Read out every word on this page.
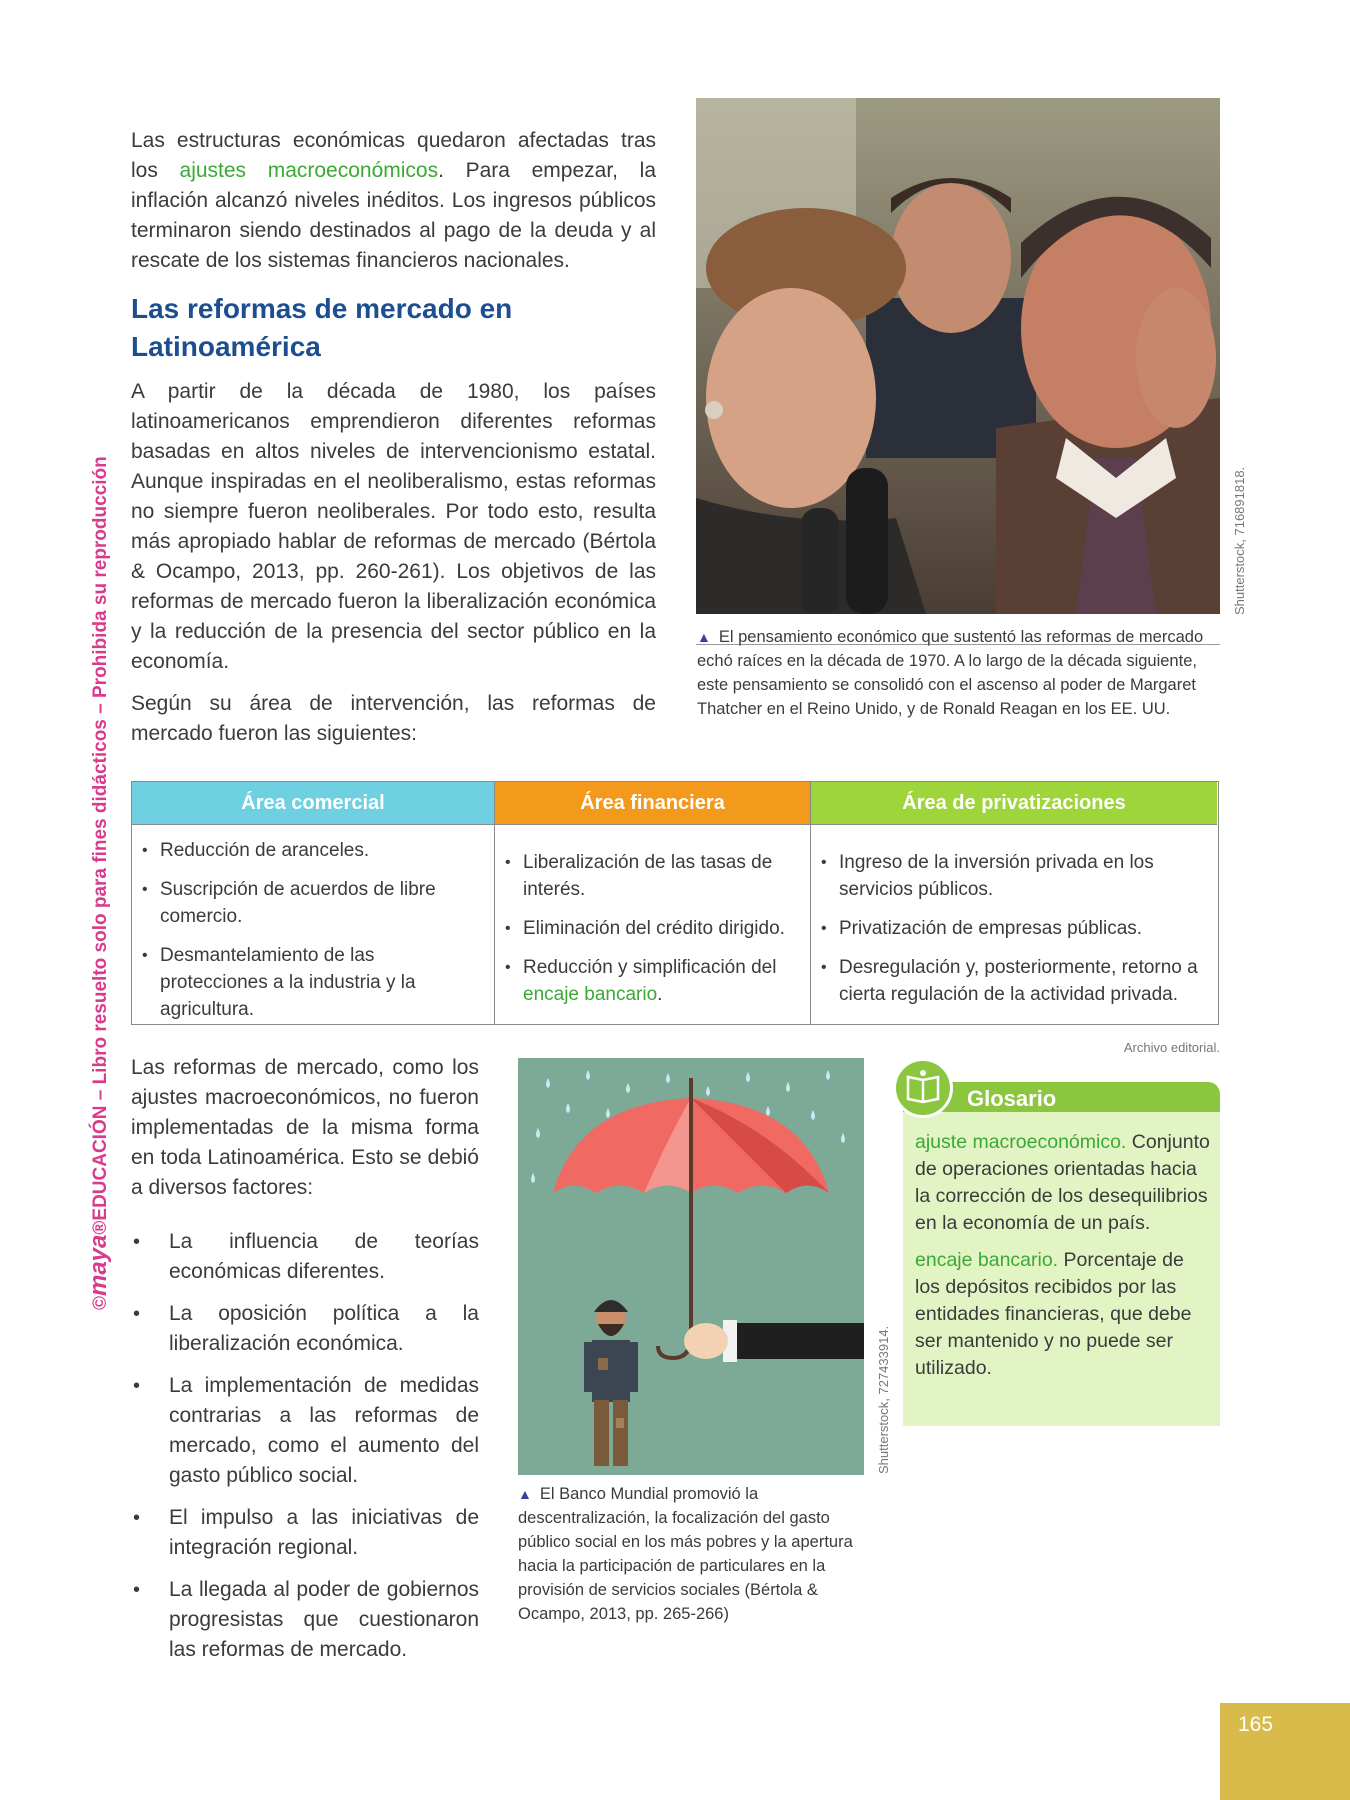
©maya®EDUCACIÓN – Libro resuelto solo para fines didácticos – Prohibida su reproducción

Las estructuras económicas quedaron afectadas tras los ajustes macroeconómicos. Para empezar, la inflación alcanzó niveles inéditos. Los ingresos públicos terminaron siendo destinados al pago de la deuda y al rescate de los sistemas financieros nacionales.

Las reformas de mercado en Latinoamérica

A partir de la década de 1980, los países latinoamericanos emprendieron diferentes reformas basadas en altos niveles de intervencionismo estatal. Aunque inspiradas en el neoliberalismo, estas reformas no siempre fueron neoliberales. Por todo esto, resulta más apropiado hablar de reformas de mercado (Bértola & Ocampo, 2013, pp. 260-261). Los objetivos de las reformas de mercado fueron la liberalización económica y la reducción de la presencia del sector público en la economía.

Según su área de intervención, las reformas de mercado fueron las siguientes:

Shutterstock, 716891818.
▲ El pensamiento económico que sustentó las reformas de mercado echó raíces en la década de 1970. A lo largo de la década siguiente, este pensamiento se consolidó con el ascenso al poder de Margaret Thatcher en el Reino Unido, y de Ronald Reagan en los EE. UU.
Área comercial
• Reducción de aranceles.
• Suscripción de acuerdos de libre comercio.
• Desmantelamiento de las protecciones a la industria y la agricultura.
Área financiera
• Liberalización de las tasas de interés.
• Eliminación del crédito dirigido.
• Reducción y simplificación del encaje bancario.
Área de privatizaciones
• Ingreso de la inversión privada en los servicios públicos.
• Privatización de empresas públicas.
• Desregulación y, posteriormente, retorno a cierta regulación de la actividad privada.
Archivo editorial.

Las reformas de mercado, como los ajustes macroeconómicos, no fueron implementadas de la misma forma en toda Latinoamérica. Esto se debió a diversos factores:

• La influencia de teorías económicas diferentes.
• La oposición política a la liberalización económica.
• La implementación de medidas contrarias a las reformas de mercado, como el aumento del gasto público social.
• El impulso a las iniciativas de integración regional.
• La llegada al poder de gobiernos progresistas que cuestionaron las reformas de mercado.
Shutterstock, 727433914.
▲ El Banco Mundial promovió la descentralización, la focalización del gasto público social en los más pobres y la apertura hacia la participación de particulares en la provisión de servicios sociales (Bértola & Ocampo, 2013, pp. 265-266)
Glosario

ajuste macroeconómico. Conjunto de operaciones orientadas hacia la corrección de los desequilibrios en la economía de un país.

encaje bancario. Porcentaje de los depósitos recibidos por las entidades financieras, que debe ser mantenido y no puede ser utilizado.

165
